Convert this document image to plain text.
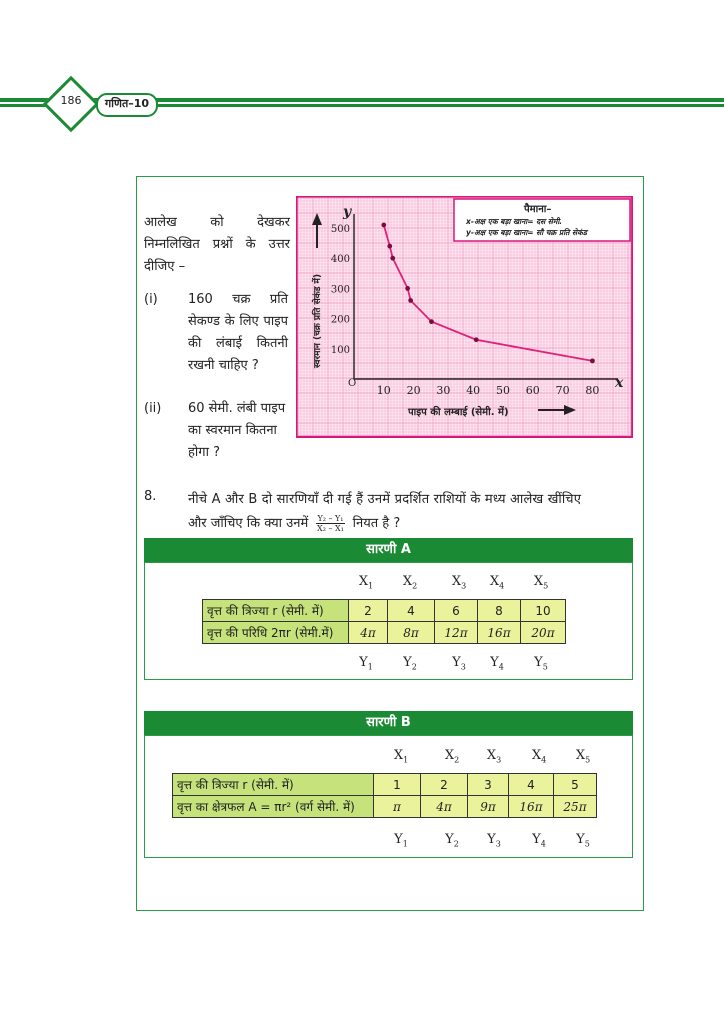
186	गणित–10
आलेख को देखकर निम्नलिखित प्रश्नों के उत्तर दीजिए –
(i) 160 चक्र प्रति सेकण्ड के लिए पाइप की लंबाई कितनी रखनी चाहिए ?
(ii) 60 सेमी. लंबी पाइप का स्वरमान कितना होगा ?
10 20 30 40 50 60 70 80
100
200
300
400
500
पैमाना–
x-अक्ष एक बड़ा खाना= दस सेमी.
y-अक्ष एक बड़ा खाना= सौ चक्र प्रति सेकंड
y
x
O
पाइप की लम्बाई (सेमी. में)
स्वरमान (चक्र प्रति सेकंड में)
8. नीचे A और B दो सारणियाँ दी गई हैं उनमें प्रदर्शित राशियों के मध्य आलेख खींचिए
और जाँचिए कि क्या उनमें $\frac{\text{Y₂ – Y₁}}{\text{X₂ – X₁}}$ नियत है ?
सारणी A
$X_1$ $X_2$	$X_3$ $X_4$ $X_5$
$Y_1$ $Y_2$	$Y_3$ $Y_4$ $Y_5$
वृत्त की त्रिज्या r (सेमी. में)	2	4	6	8	10
वृत्त की परिधि 2πr (सेमी.में)	4π	8π	12π	16π	20π
सारणी B
$X_1$	$X_2$ $X_3$ $X_4$ $X_5$
$Y_1$	$Y_2$ $Y_3$ $Y_4$ $Y_5$
वृत्त की त्रिज्या r (सेमी. में)	1	2	3	4	5
वृत्त का क्षेत्रफल A = πr² (वर्ग सेमी. में)	π	4π	9π	16π	25π
